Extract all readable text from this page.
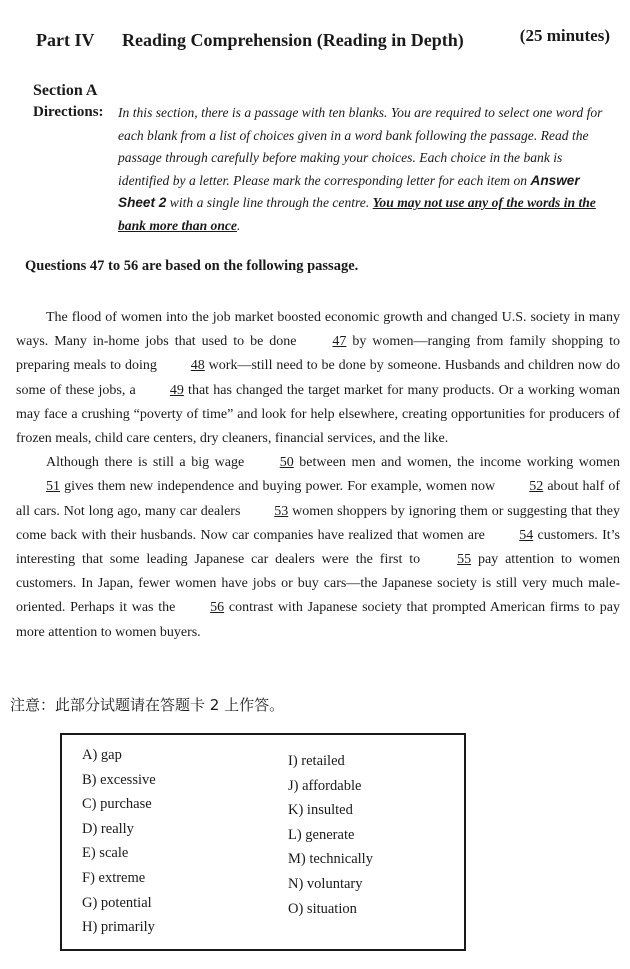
Part IV Reading Comprehension (Reading in Depth)	(25 minutes)
Section A
Directions: In this section, there is a passage with ten blanks. You are required to select one word for each blank from a list of choices given in a word bank following the passage. Read the passage through carefully before making your choices. Each choice in the bank is identified by a letter. Please mark the corresponding letter for each item on Answer Sheet 2 with a single line through the centre. You may not use any of the words in the bank more than once.
Questions 47 to 56 are based on the following passage.

The flood of women into the job market boosted economic growth and changed U.S. society in many ways. Many in-home jobs that used to be done 47 by women—ranging from family shopping to preparing meals to doing 48 work—still need to be done by someone. Husbands and children now do some of these jobs, a 49 that has changed the target market for many products. Or a working woman may face a crushing “poverty of time” and look for help elsewhere, creating opportunities for producers of frozen meals, child care centers, dry cleaners, financial services, and the like.

Although there is still a big wage 50 between men and women, the income working women 51 gives them new independence and buying power. For example, women now 52 about half of all cars. Not long ago, many car dealers 53 women shoppers by ignoring them or suggesting that they come back with their husbands. Now car companies have realized that women are 54 customers. It’s interesting that some leading Japanese car dealers were the first to 55 pay attention to women customers. In Japan, fewer women have jobs or buy cars—the Japanese society is still very much male-oriented. Perhaps it was the 56 contrast with Japanese society that prompted American firms to pay more attention to women buyers.

注意：此部分试题请在答题卡 2 上作答。
A) gap
B) excessive
C) purchase
D) really
E) scale
F) extreme
G) potential
H) primarily
I) retailed
J) affordable
K) insulted
L) generate
M) technically
N) voluntary
O) situation
